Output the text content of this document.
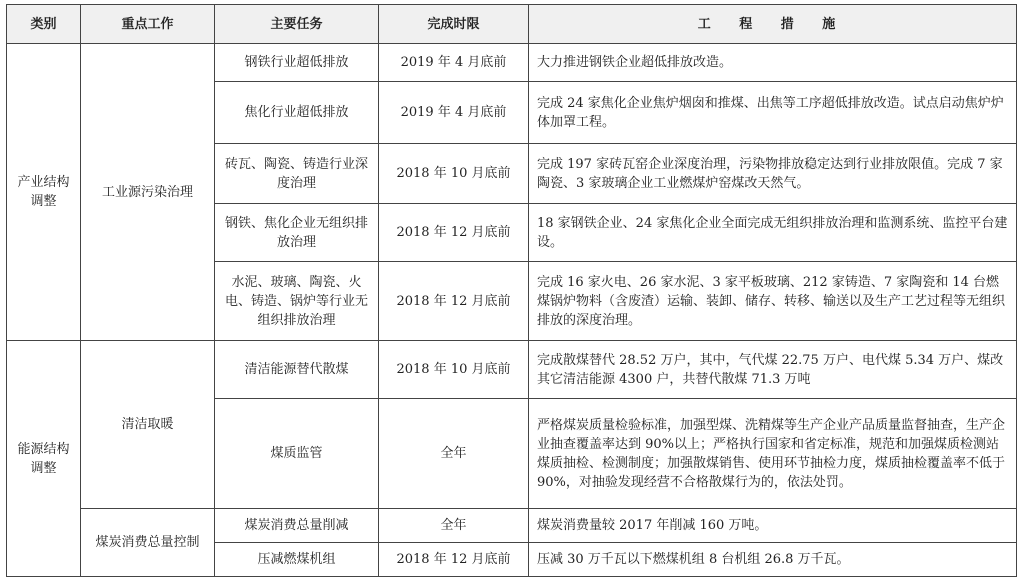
类别	重点工作	主要任务	完成时限	工 程 措 施
产业结构调整	工业源污染治理	钢铁行业超低排放	2019 年 4 月底前	大力推进钢铁企业超低排放改造。
		焦化行业超低排放	2019 年 4 月底前	完成 24 家焦化企业焦炉烟囱和推煤、出焦等工序超低排放改造。试点启动焦炉炉体加罩工程。
		砖瓦、陶瓷、铸造行业深度治理	2018 年 10 月底前	完成 197 家砖瓦窑企业深度治理，污染物排放稳定达到行业排放限值。完成 7 家陶瓷、3 家玻璃企业工业燃煤炉窑煤改天然气。
		钢铁、焦化企业无组织排放治理	2018 年 12 月底前	18 家钢铁企业、24 家焦化企业全面完成无组织排放治理和监测系统、监控平台建设。
		水泥、玻璃、陶瓷、火电、铸造、锅炉等行业无组织排放治理	2018 年 12 月底前	完成 16 家火电、26 家水泥、3 家平板玻璃、212 家铸造、7 家陶瓷和 14 台燃煤锅炉物料（含废渣）运输、装卸、储存、转移、输送以及生产工艺过程等无组织排放的深度治理。
能源结构调整	清洁取暖	清洁能源替代散煤	2018 年 10 月底前	完成散煤替代 28.52 万户，其中，气代煤 22.75 万户、电代煤 5.34 万户、煤改其它清洁能源 4300 户，共替代散煤 71.3 万吨
		煤质监管	全年	严格煤炭质量检验标准，加强型煤、洗精煤等生产企业产品质量监督抽查，生产企业抽查覆盖率达到 90%以上；严格执行国家和省定标准，规范和加强煤质检测站煤质抽检、检测制度；加强散煤销售、使用环节抽检力度，煤质抽检覆盖率不低于 90%，对抽验发现经营不合格散煤行为的，依法处罚。
	煤炭消费总量控制	煤炭消费总量削减	全年	煤炭消费量较 2017 年削减 160 万吨。
		压减燃煤机组	2018 年 12 月底前	压减 30 万千瓦以下燃煤机组 8 台机组 26.8 万千瓦。
